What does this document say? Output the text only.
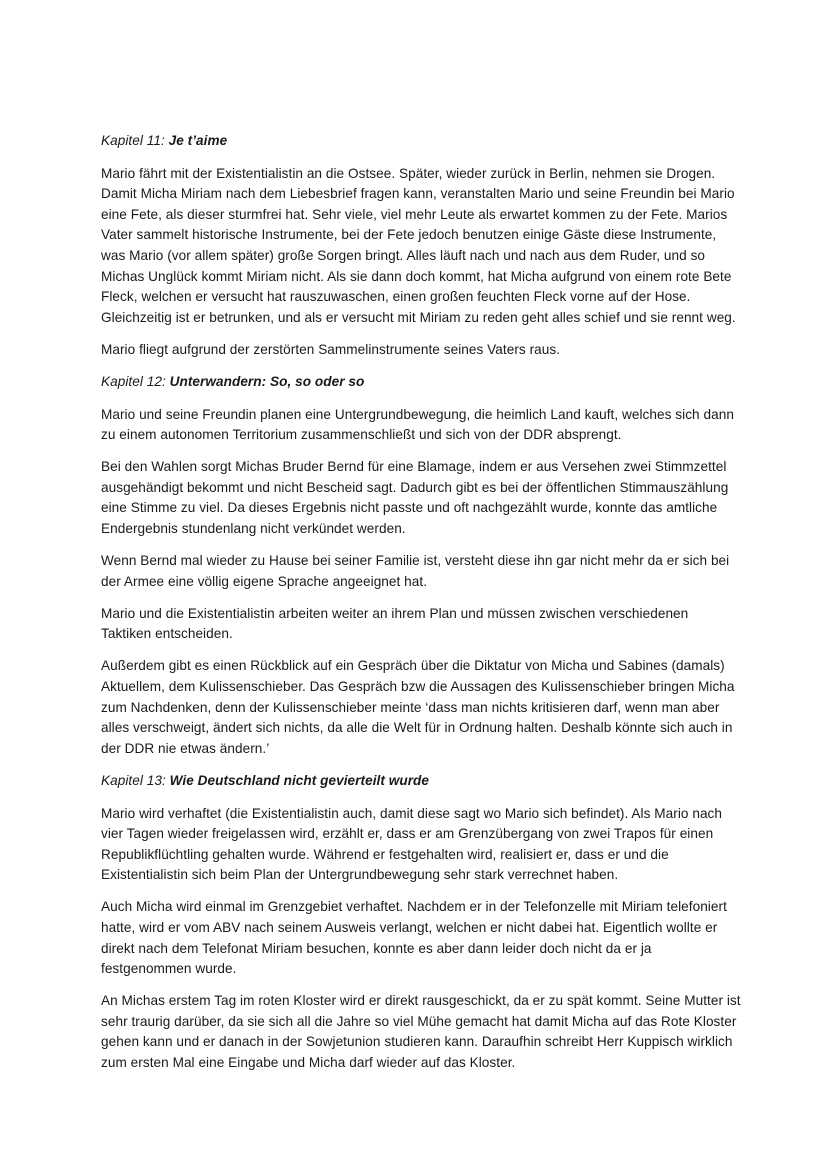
Kapitel 11: Je t’aime

Mario fährt mit der Existentialistin an die Ostsee. Später, wieder zurück in Berlin, nehmen sie Drogen. Damit Micha Miriam nach dem Liebesbrief fragen kann, veranstalten Mario und seine Freundin bei Mario eine Fete, als dieser sturmfrei hat. Sehr viele, viel mehr Leute als erwartet kommen zu der Fete. Marios Vater sammelt historische Instrumente, bei der Fete jedoch benutzen einige Gäste diese Instrumente, was Mario (vor allem später) große Sorgen bringt. Alles läuft nach und nach aus dem Ruder, und so Michas Unglück kommt Miriam nicht. Als sie dann doch kommt, hat Micha aufgrund von einem rote Bete Fleck, welchen er versucht hat rauszuwaschen, einen großen feuchten Fleck vorne auf der Hose. Gleichzeitig ist er betrunken, und als er versucht mit Miriam zu reden geht alles schief und sie rennt weg.

Mario fliegt aufgrund der zerstörten Sammelinstrumente seines Vaters raus.

Kapitel 12: Unterwandern: So, so oder so

Mario und seine Freundin planen eine Untergrundbewegung, die heimlich Land kauft, welches sich dann zu einem autonomen Territorium zusammenschließt und sich von der DDR absprengt.

Bei den Wahlen sorgt Michas Bruder Bernd für eine Blamage, indem er aus Versehen zwei Stimmzettel ausgehändigt bekommt und nicht Bescheid sagt. Dadurch gibt es bei der öffentlichen Stimmauszählung eine Stimme zu viel. Da dieses Ergebnis nicht passte und oft nachgezählt wurde, konnte das amtliche Endergebnis stundenlang nicht verkündet werden.

Wenn Bernd mal wieder zu Hause bei seiner Familie ist, versteht diese ihn gar nicht mehr da er sich bei der Armee eine völlig eigene Sprache angeeignet hat.

Mario und die Existentialistin arbeiten weiter an ihrem Plan und müssen zwischen verschiedenen Taktiken entscheiden.

Außerdem gibt es einen Rückblick auf ein Gespräch über die Diktatur von Micha und Sabines (damals) Aktuellem, dem Kulissenschieber. Das Gespräch bzw die Aussagen des Kulissenschieber bringen Micha zum Nachdenken, denn der Kulissenschieber meinte ‘dass man nichts kritisieren darf, wenn man aber alles verschweigt, ändert sich nichts, da alle die Welt für in Ordnung halten. Deshalb könnte sich auch in der DDR nie etwas ändern.’

Kapitel 13: Wie Deutschland nicht gevierteilt wurde

Mario wird verhaftet (die Existentialistin auch, damit diese sagt wo Mario sich befindet). Als Mario nach vier Tagen wieder freigelassen wird, erzählt er, dass er am Grenzübergang von zwei Trapos für einen Republikflüchtling gehalten wurde. Während er festgehalten wird, realisiert er, dass er und die Existentialistin sich beim Plan der Untergrundbewegung sehr stark verrechnet haben.

Auch Micha wird einmal im Grenzgebiet verhaftet. Nachdem er in der Telefonzelle mit Miriam telefoniert hatte, wird er vom ABV nach seinem Ausweis verlangt, welchen er nicht dabei hat. Eigentlich wollte er direkt nach dem Telefonat Miriam besuchen, konnte es aber dann leider doch nicht da er ja festgenommen wurde.

An Michas erstem Tag im roten Kloster wird er direkt rausgeschickt, da er zu spät kommt. Seine Mutter ist sehr traurig darüber, da sie sich all die Jahre so viel Mühe gemacht hat damit Micha auf das Rote Kloster gehen kann und er danach in der Sowjetunion studieren kann. Daraufhin schreibt Herr Kuppisch wirklich zum ersten Mal eine Eingabe und Micha darf wieder auf das Kloster.
